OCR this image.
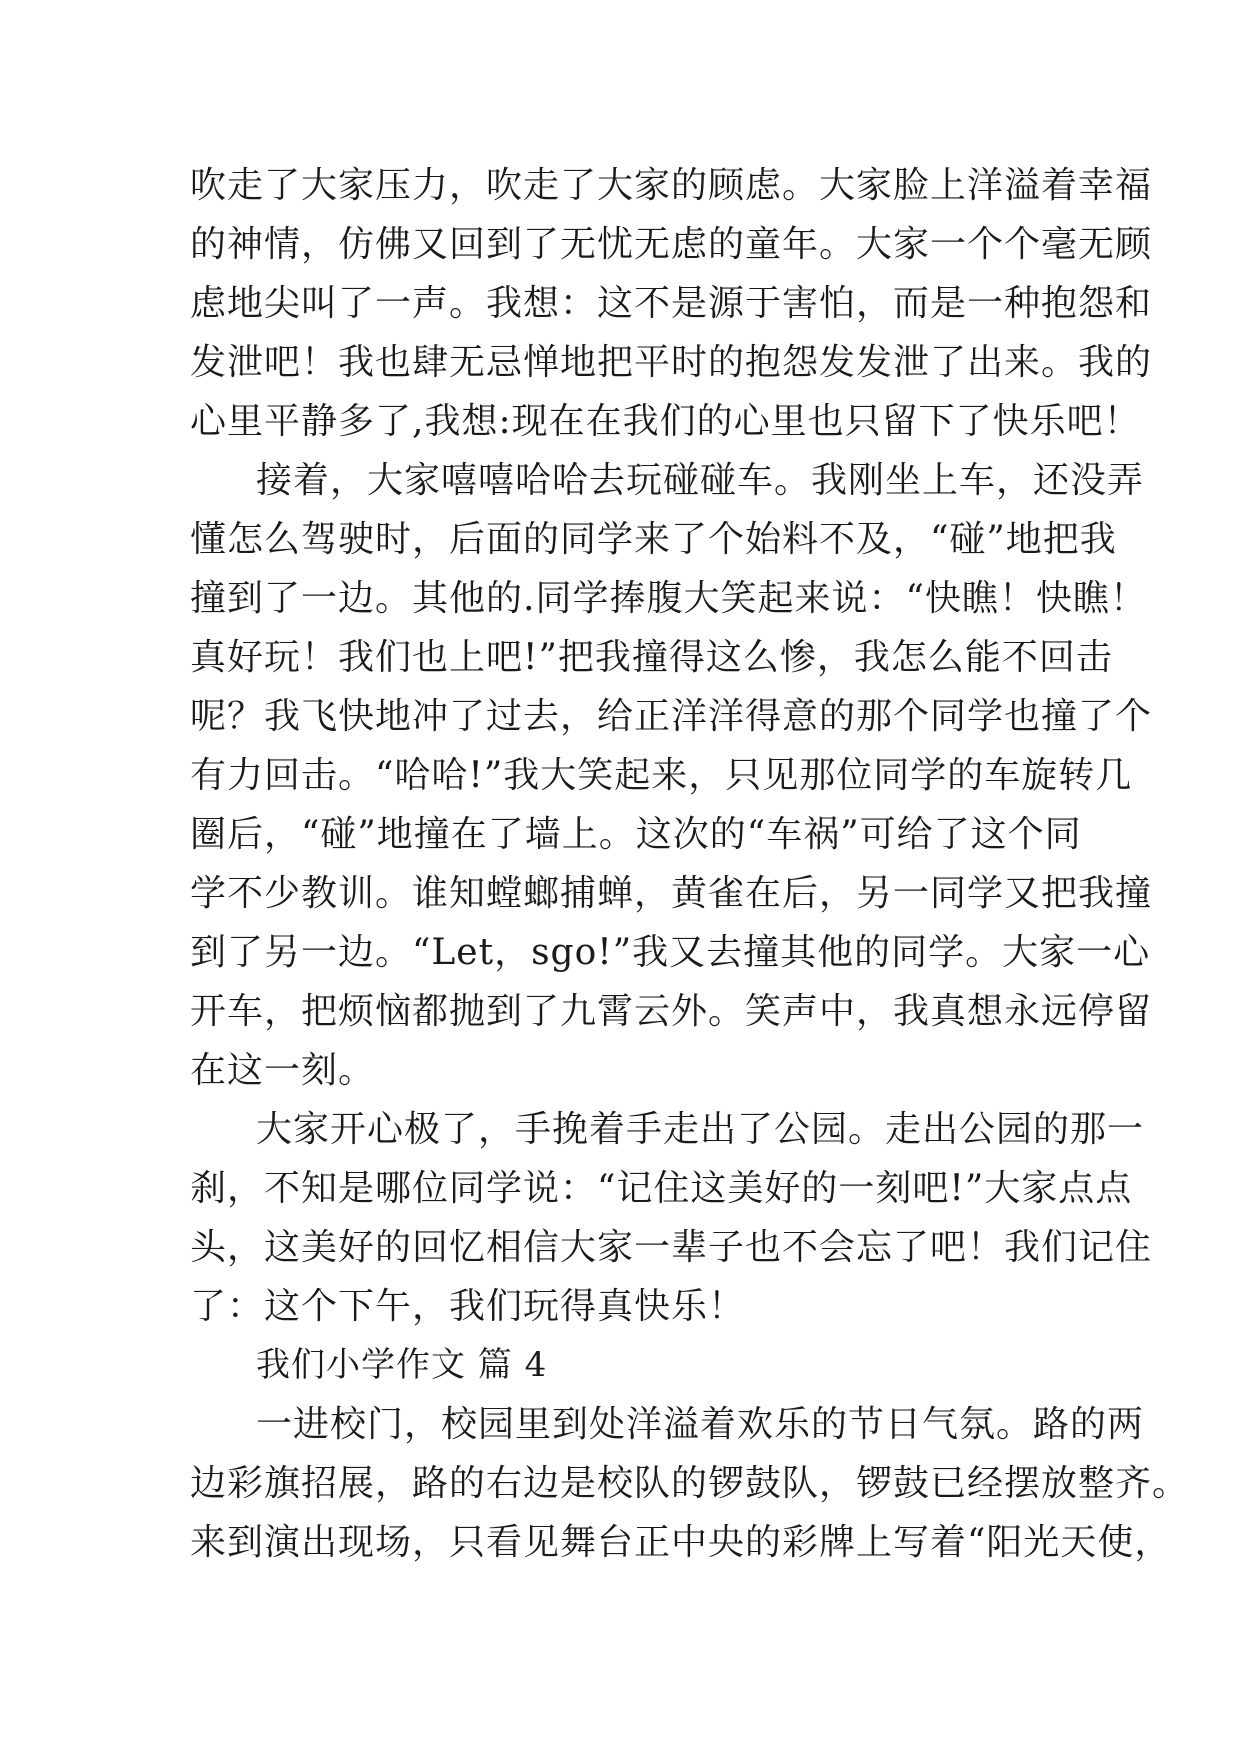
吹走了大家压力，吹走了大家的顾虑。大家脸上洋溢着幸福
的神情，仿佛又回到了无忧无虑的童年。大家一个个毫无顾
虑地尖叫了一声。我想：这不是源于害怕，而是一种抱怨和
发泄吧！我也肆无忌惮地把平时的抱怨发发泄了出来。我的
心里平静多了,我想:现在在我们的心里也只留下了快乐吧！
接着，大家嘻嘻哈哈去玩碰碰车。我刚坐上车，还没弄
懂怎么驾驶时，后面的同学来了个始料不及，“碰”地把我
撞到了一边。其他的.同学捧腹大笑起来说：“快瞧！快瞧！
真好玩！我们也上吧!”把我撞得这么惨，我怎么能不回击
呢？我飞快地冲了过去，给正洋洋得意的那个同学也撞了个
有力回击。“哈哈!”我大笑起来，只见那位同学的车旋转几
圈后，“碰”地撞在了墙上。这次的“车祸”可给了这个同
学不少教训。谁知螳螂捕蝉，黄雀在后，另一同学又把我撞
到了另一边。“Let，sgo!”我又去撞其他的同学。大家一心
开车，把烦恼都抛到了九霄云外。笑声中，我真想永远停留
在这一刻。
大家开心极了，手挽着手走出了公园。走出公园的那一
刹，不知是哪位同学说：“记住这美好的一刻吧!”大家点点
头，这美好的回忆相信大家一辈子也不会忘了吧！我们记住
了：这个下午，我们玩得真快乐！
我们小学作文 篇 4
一进校门，校园里到处洋溢着欢乐的节日气氛。路的两
边彩旗招展，路的右边是校队的锣鼓队，锣鼓已经摆放整齐。
来到演出现场，只看见舞台正中央的彩牌上写着“阳光天使，
